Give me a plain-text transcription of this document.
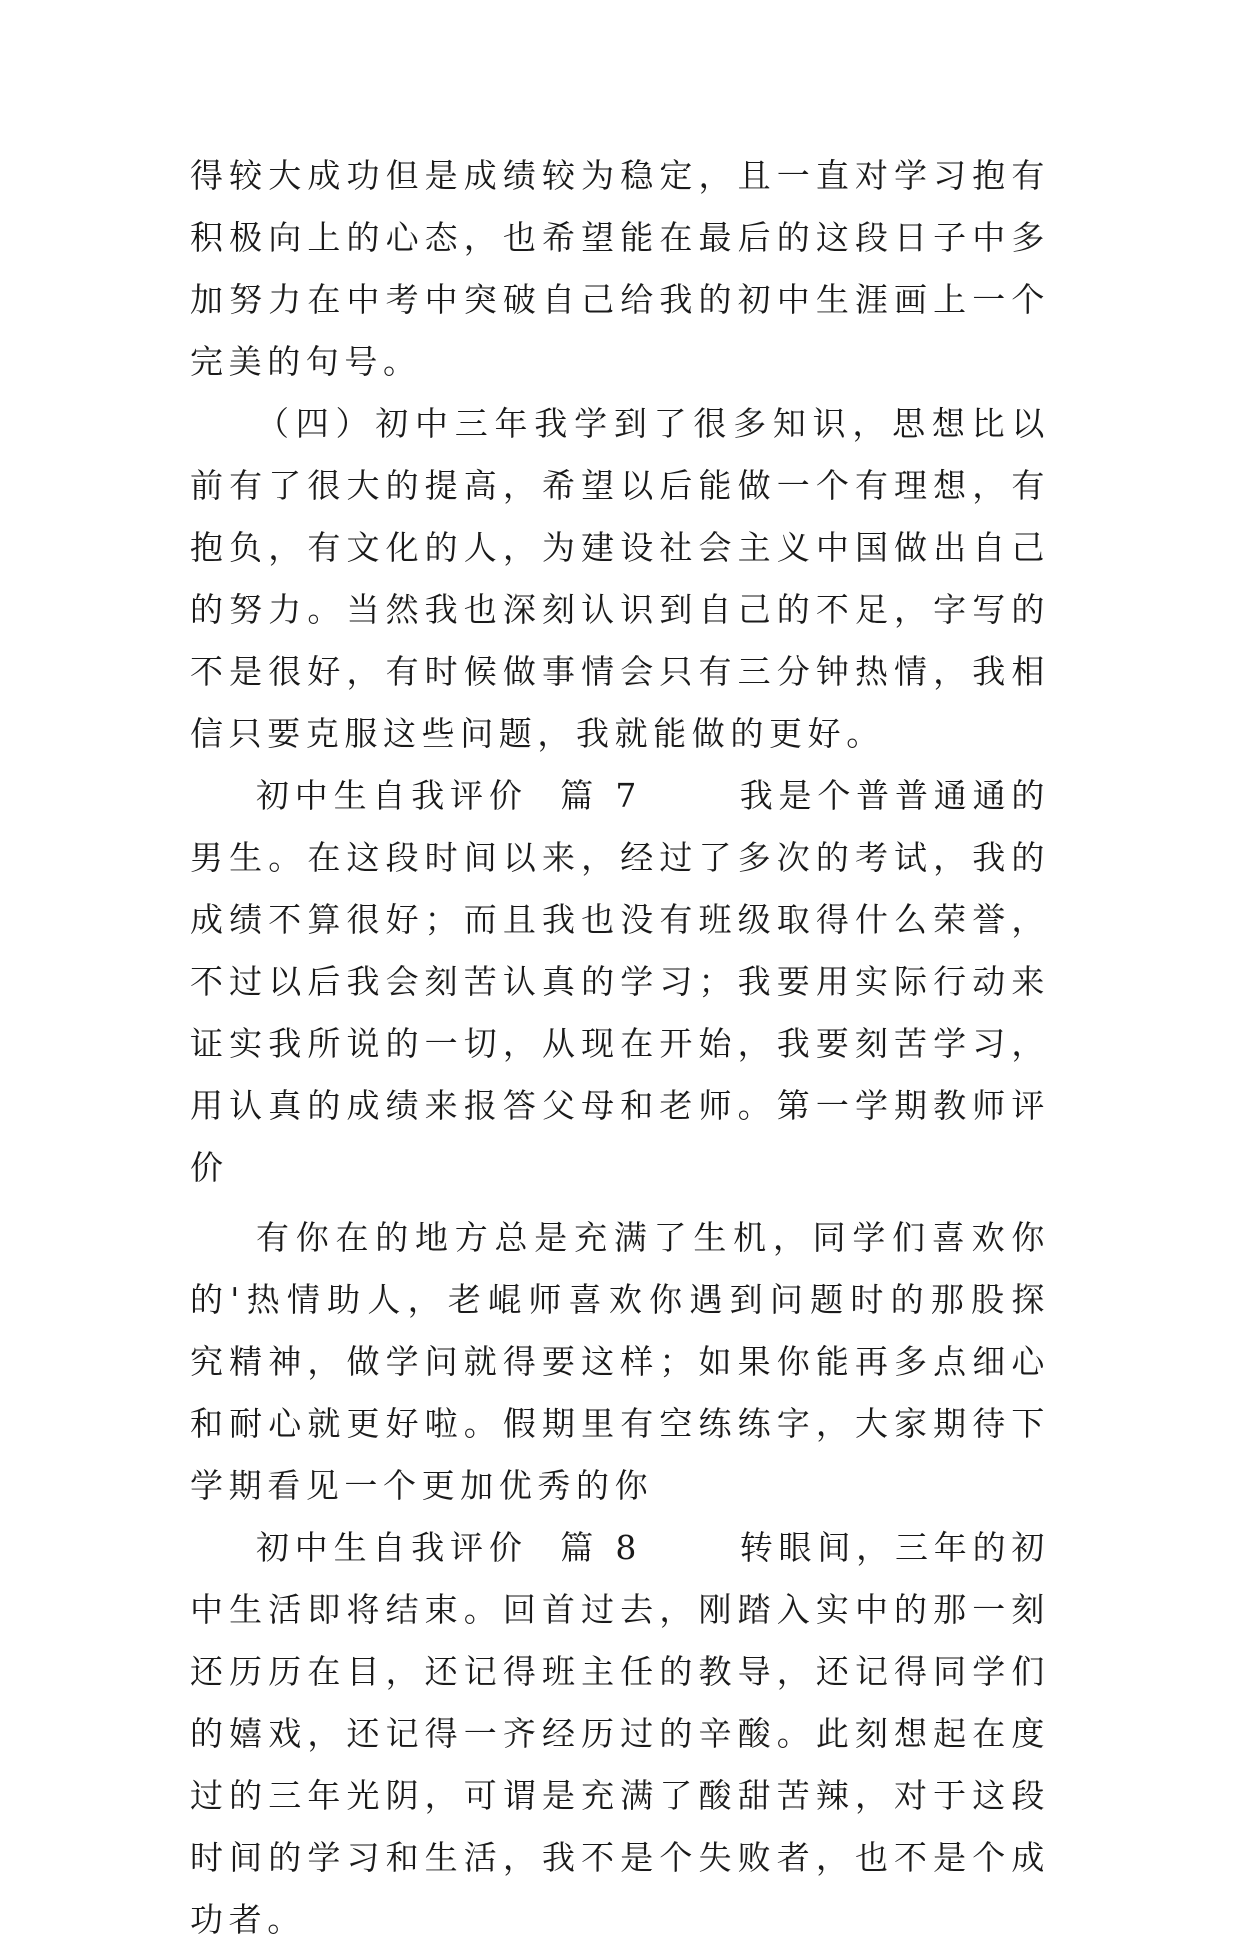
得较大成功但是成绩较为稳定，且一直对学习抱有积极向上的心态，也希望能在最后的这段日子中多加努力在中考中突破自己给我的初中生涯画上一个完美的句号。

（四）初中三年我学到了很多知识，思想比以前有了很大的提高，希望以后能做一个有理想，有抱负，有文化的人，为建设社会主义中国做出自己的努力。当然我也深刻认识到自己的不足，字写的不是很好，有时候做事情会只有三分钟热情，我相信只要克服这些问题，我就能做的更好。

初中生自我评价  篇 7      我是个普普通通的男生。在这段时间以来，经过了多次的考试，我的成绩不算很好；而且我也没有班级取得什么荣誉，不过以后我会刻苦认真的学习；我要用实际行动来证实我所说的一切，从现在开始，我要刻苦学习，用认真的成绩来报答父母和老师。第一学期教师评价

有你在的地方总是充满了生机，同学们喜欢你的'热情助人，老崐师喜欢你遇到问题时的那股探究精神，做学问就得要这样；如果你能再多点细心和耐心就更好啦。假期里有空练练字，大家期待下学期看见一个更加优秀的你

初中生自我评价  篇 8      转眼间，三年的初中生活即将结束。回首过去，刚踏入实中的那一刻还历历在目，还记得班主任的教导，还记得同学们的嬉戏，还记得一齐经历过的辛酸。此刻想起在度过的三年光阴，可谓是充满了酸甜苦辣，对于这段时间的学习和生活，我不是个失败者，也不是个成功者。
